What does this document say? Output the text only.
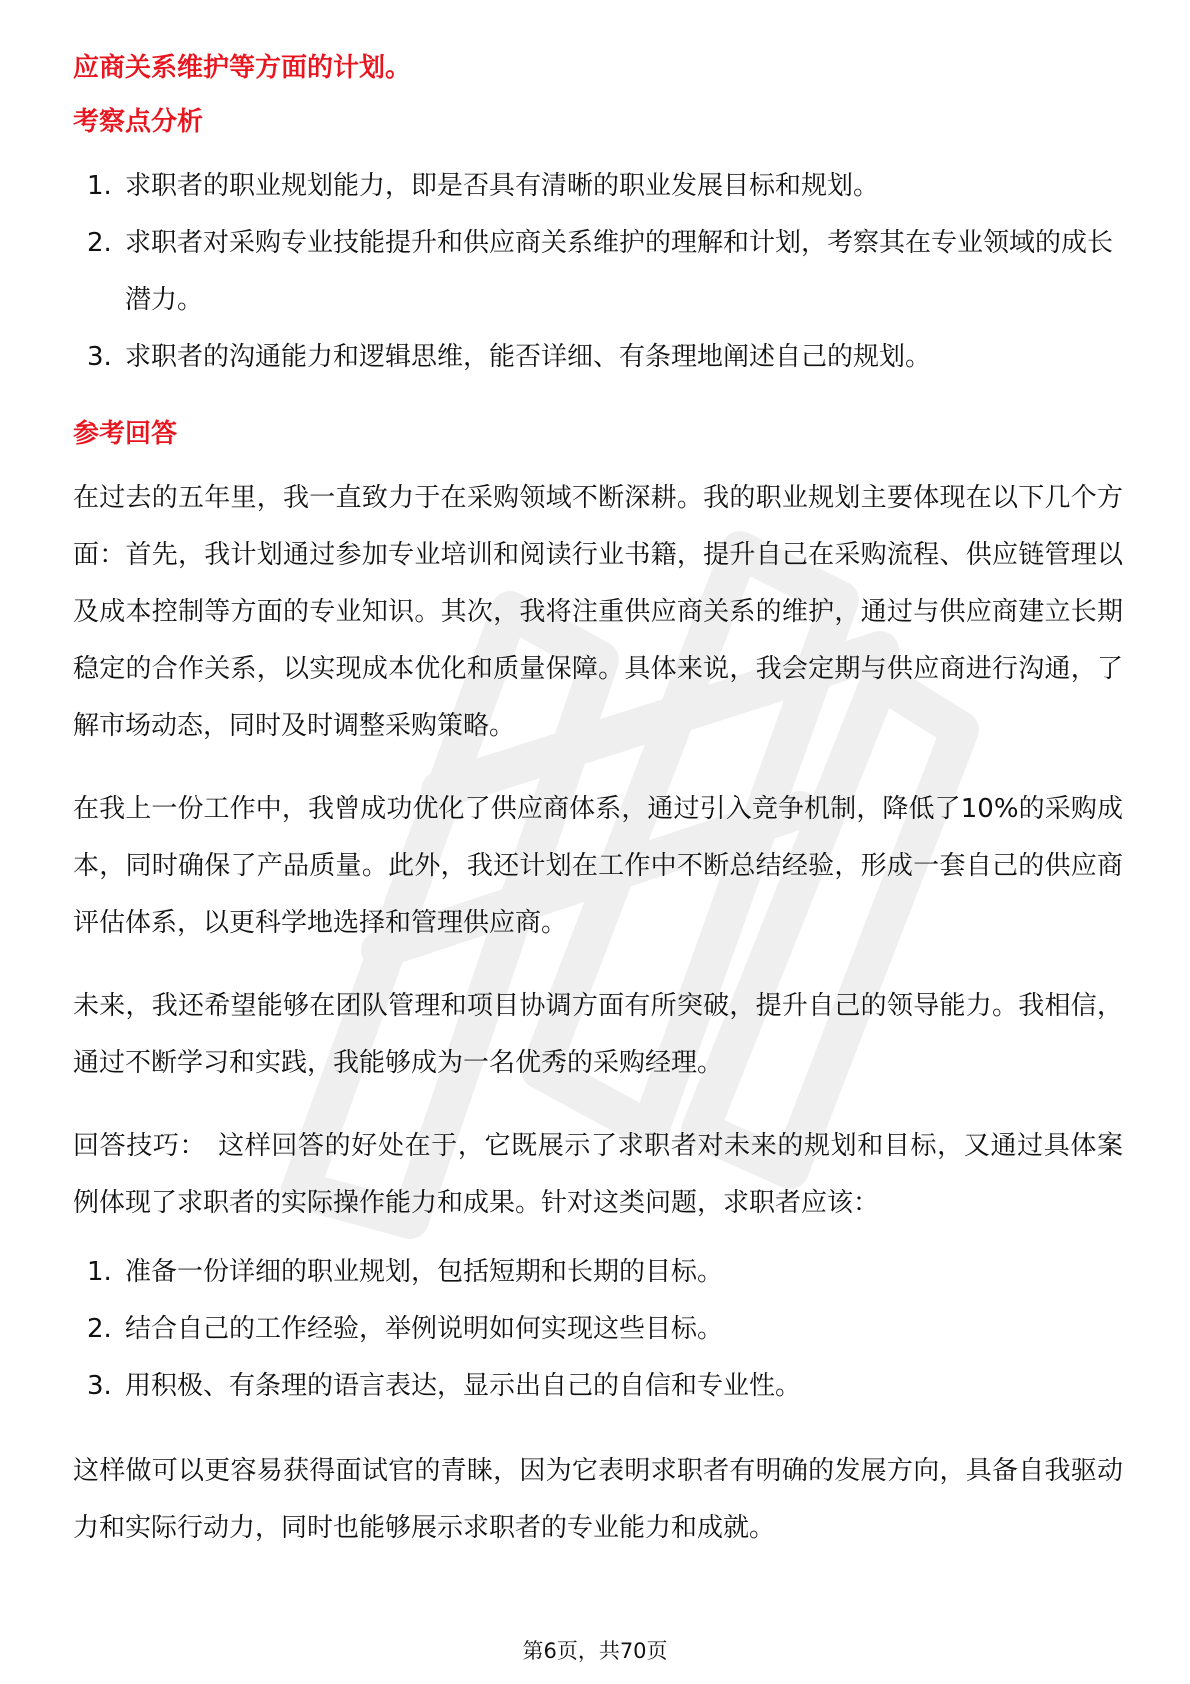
应商关系维护等方面的计划。

考察点分析
1. 求职者的职业规划能力，即是否具有清晰的职业发展目标和规划。
2. 求职者对采购专业技能提升和供应商关系维护的理解和计划，考察其在专业领域的成长潜力。
3. 求职者的沟通能力和逻辑思维，能否详细、有条理地阐述自己的规划。
参考回答

在过去的五年里，我一直致力于在采购领域不断深耕。我的职业规划主要体现在以下几个方面：首先，我计划通过参加专业培训和阅读行业书籍，提升自己在采购流程、供应链管理以及成本控制等方面的专业知识。其次，我将注重供应商关系的维护，通过与供应商建立长期稳定的合作关系，以实现成本优化和质量保障。具体来说，我会定期与供应商进行沟通，了解市场动态，同时及时调整采购策略。

在我上一份工作中，我曾成功优化了供应商体系，通过引入竞争机制，降低了10%的采购成本，同时确保了产品质量。此外，我还计划在工作中不断总结经验，形成一套自己的供应商评估体系，以更科学地选择和管理供应商。

未来，我还希望能够在团队管理和项目协调方面有所突破，提升自己的领导能力。我相信，通过不断学习和实践，我能够成为一名优秀的采购经理。

回答技巧： 这样回答的好处在于，它既展示了求职者对未来的规划和目标，又通过具体案例体现了求职者的实际操作能力和成果。针对这类问题，求职者应该：

1. 准备一份详细的职业规划，包括短期和长期的目标。
2. 结合自己的工作经验，举例说明如何实现这些目标。
3. 用积极、有条理的语言表达，显示出自己的自信和专业性。

这样做可以更容易获得面试官的青睐，因为它表明求职者有明确的发展方向，具备自我驱动力和实际行动力，同时也能够展示求职者的专业能力和成就。

第6页，共70页
